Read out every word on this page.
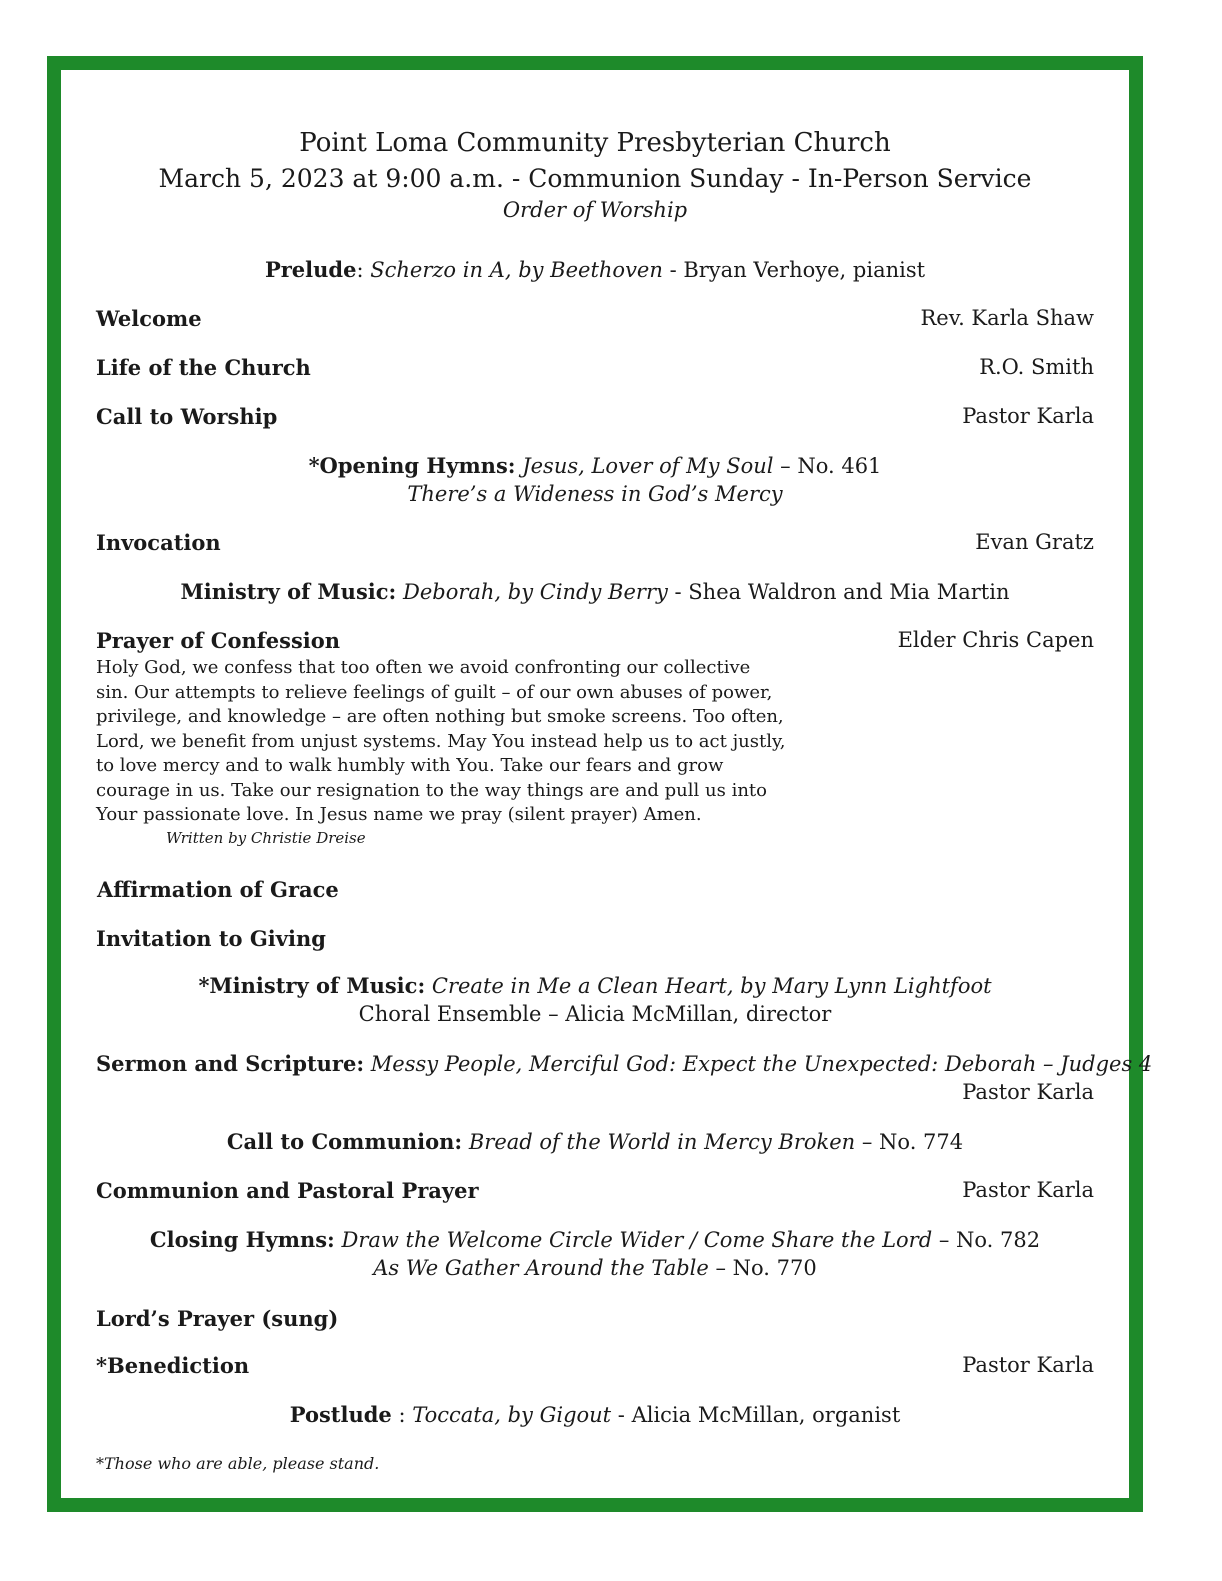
Point Loma Community Presbyterian Church
March 5, 2023 at 9:00 a.m. - Communion Sunday - In-Person Service
Order of Worship
Prelude: Scherzo in A, by Beethoven - Bryan Verhoye, pianist
Welcome	Rev. Karla Shaw
Life of the Church	R.O. Smith
Call to Worship	Pastor Karla
*Opening Hymns: Jesus, Lover of My Soul – No. 461
There’s a Wideness in God’s Mercy
Invocation	Evan Gratz
Ministry of Music: Deborah, by Cindy Berry - Shea Waldron and Mia Martin
Prayer of Confession	Elder Chris Capen
Holy God, we confess that too often we avoid confronting our collective
sin. Our attempts to relieve feelings of guilt – of our own abuses of power,
privilege, and knowledge – are often nothing but smoke screens. Too often,
Lord, we benefit from unjust systems. May You instead help us to act justly,
to love mercy and to walk humbly with You. Take our fears and grow
courage in us. Take our resignation to the way things are and pull us into
Your passionate love. In Jesus name we pray (silent prayer) Amen.
Written by Christie Dreise
Affirmation of Grace
Invitation to Giving
*Ministry of Music: Create in Me a Clean Heart, by Mary Lynn Lightfoot
Choral Ensemble – Alicia McMillan, director
Sermon and Scripture: Messy People, Merciful God: Expect the Unexpected: Deborah – Judges 4
Pastor Karla
Call to Communion: Bread of the World in Mercy Broken – No. 774
Communion and Pastoral Prayer	Pastor Karla
Closing Hymns: Draw the Welcome Circle Wider / Come Share the Lord – No. 782
As We Gather Around the Table – No. 770
Lord’s Prayer (sung)
*Benediction	Pastor Karla
Postlude : Toccata, by Gigout - Alicia McMillan, organist
*Those who are able, please stand.
